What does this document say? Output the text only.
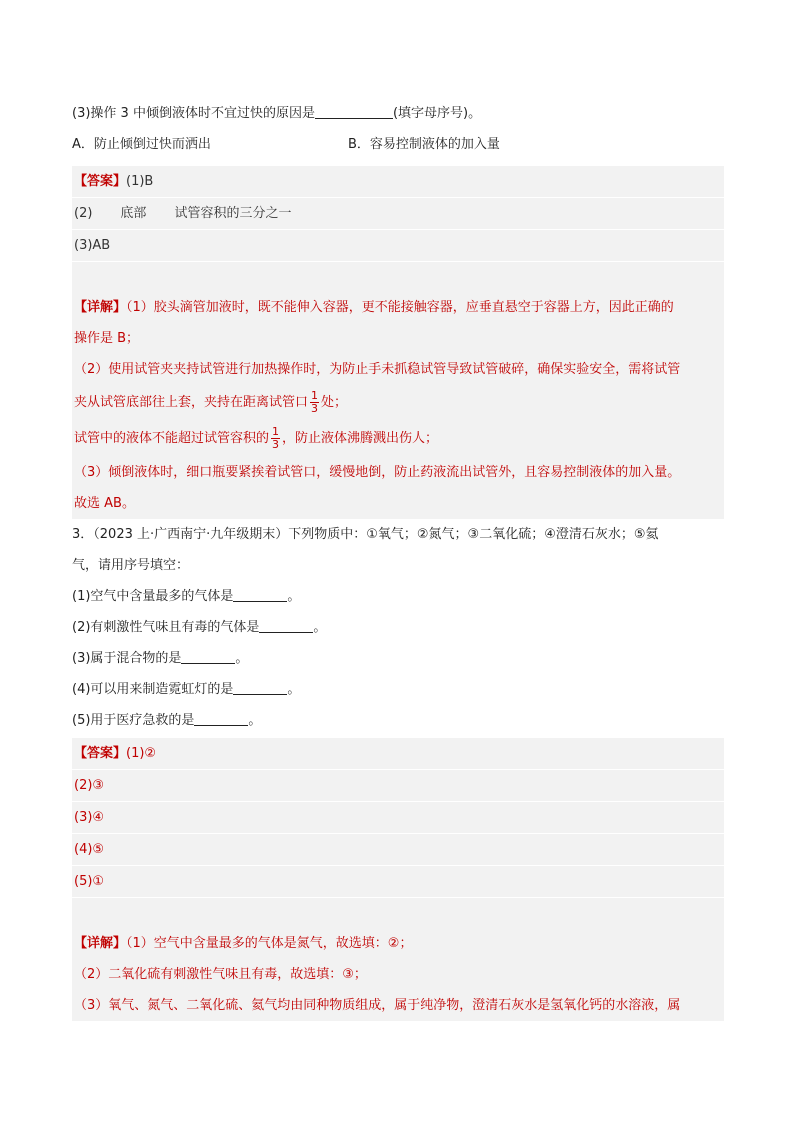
(3)操作 3 中倾倒液体时不宜过快的原因是	(填字母序号)。
A．防止倾倒过快而洒出	B．容易控制液体的加入量
【答案】(1)B
(2) 底部 试管容积的三分之一
(3)AB
【详解】（1）胶头滴管加液时，既不能伸入容器，更不能接触容器，应垂直悬空于容器上方，因此正确的
操作是 B；
（2）使用试管夹夹持试管进行加热操作时，为防止手未抓稳试管导致试管破碎，确保实验安全，需将试管
夹从试管底部往上套，夹持在距离试管口 $\frac{1}{3}$ 处；
试管中的液体不能超过试管容积的 $\frac{1}{3}$ ，防止液体沸腾溅出伤人；
（3）倾倒液体时，细口瓶要紧挨着试管口，缓慢地倒，防止药液流出试管外，且容易控制液体的加入量。
故选 AB。
3．（2023 上·广西南宁·九年级期末）下列物质中：①氧气；②氮气；③二氧化硫；④澄清石灰水；⑤氦
气，请用序号填空：
(1)空气中含量最多的气体是	。
(2)有刺激性气味且有毒的气体是	。
(3)属于混合物的是	。
(4)可以用来制造霓虹灯的是	。
(5)用于医疗急救的是	。
【答案】(1)②
(2)③
(3)④
(4)⑤
(5)①
【详解】（1）空气中含量最多的气体是氮气，故选填：②；
（2）二氧化硫有刺激性气味且有毒，故选填：③；
（3）氧气、氮气、二氧化硫、氦气均由同种物质组成，属于纯净物，澄清石灰水是氢氧化钙的水溶液，属
